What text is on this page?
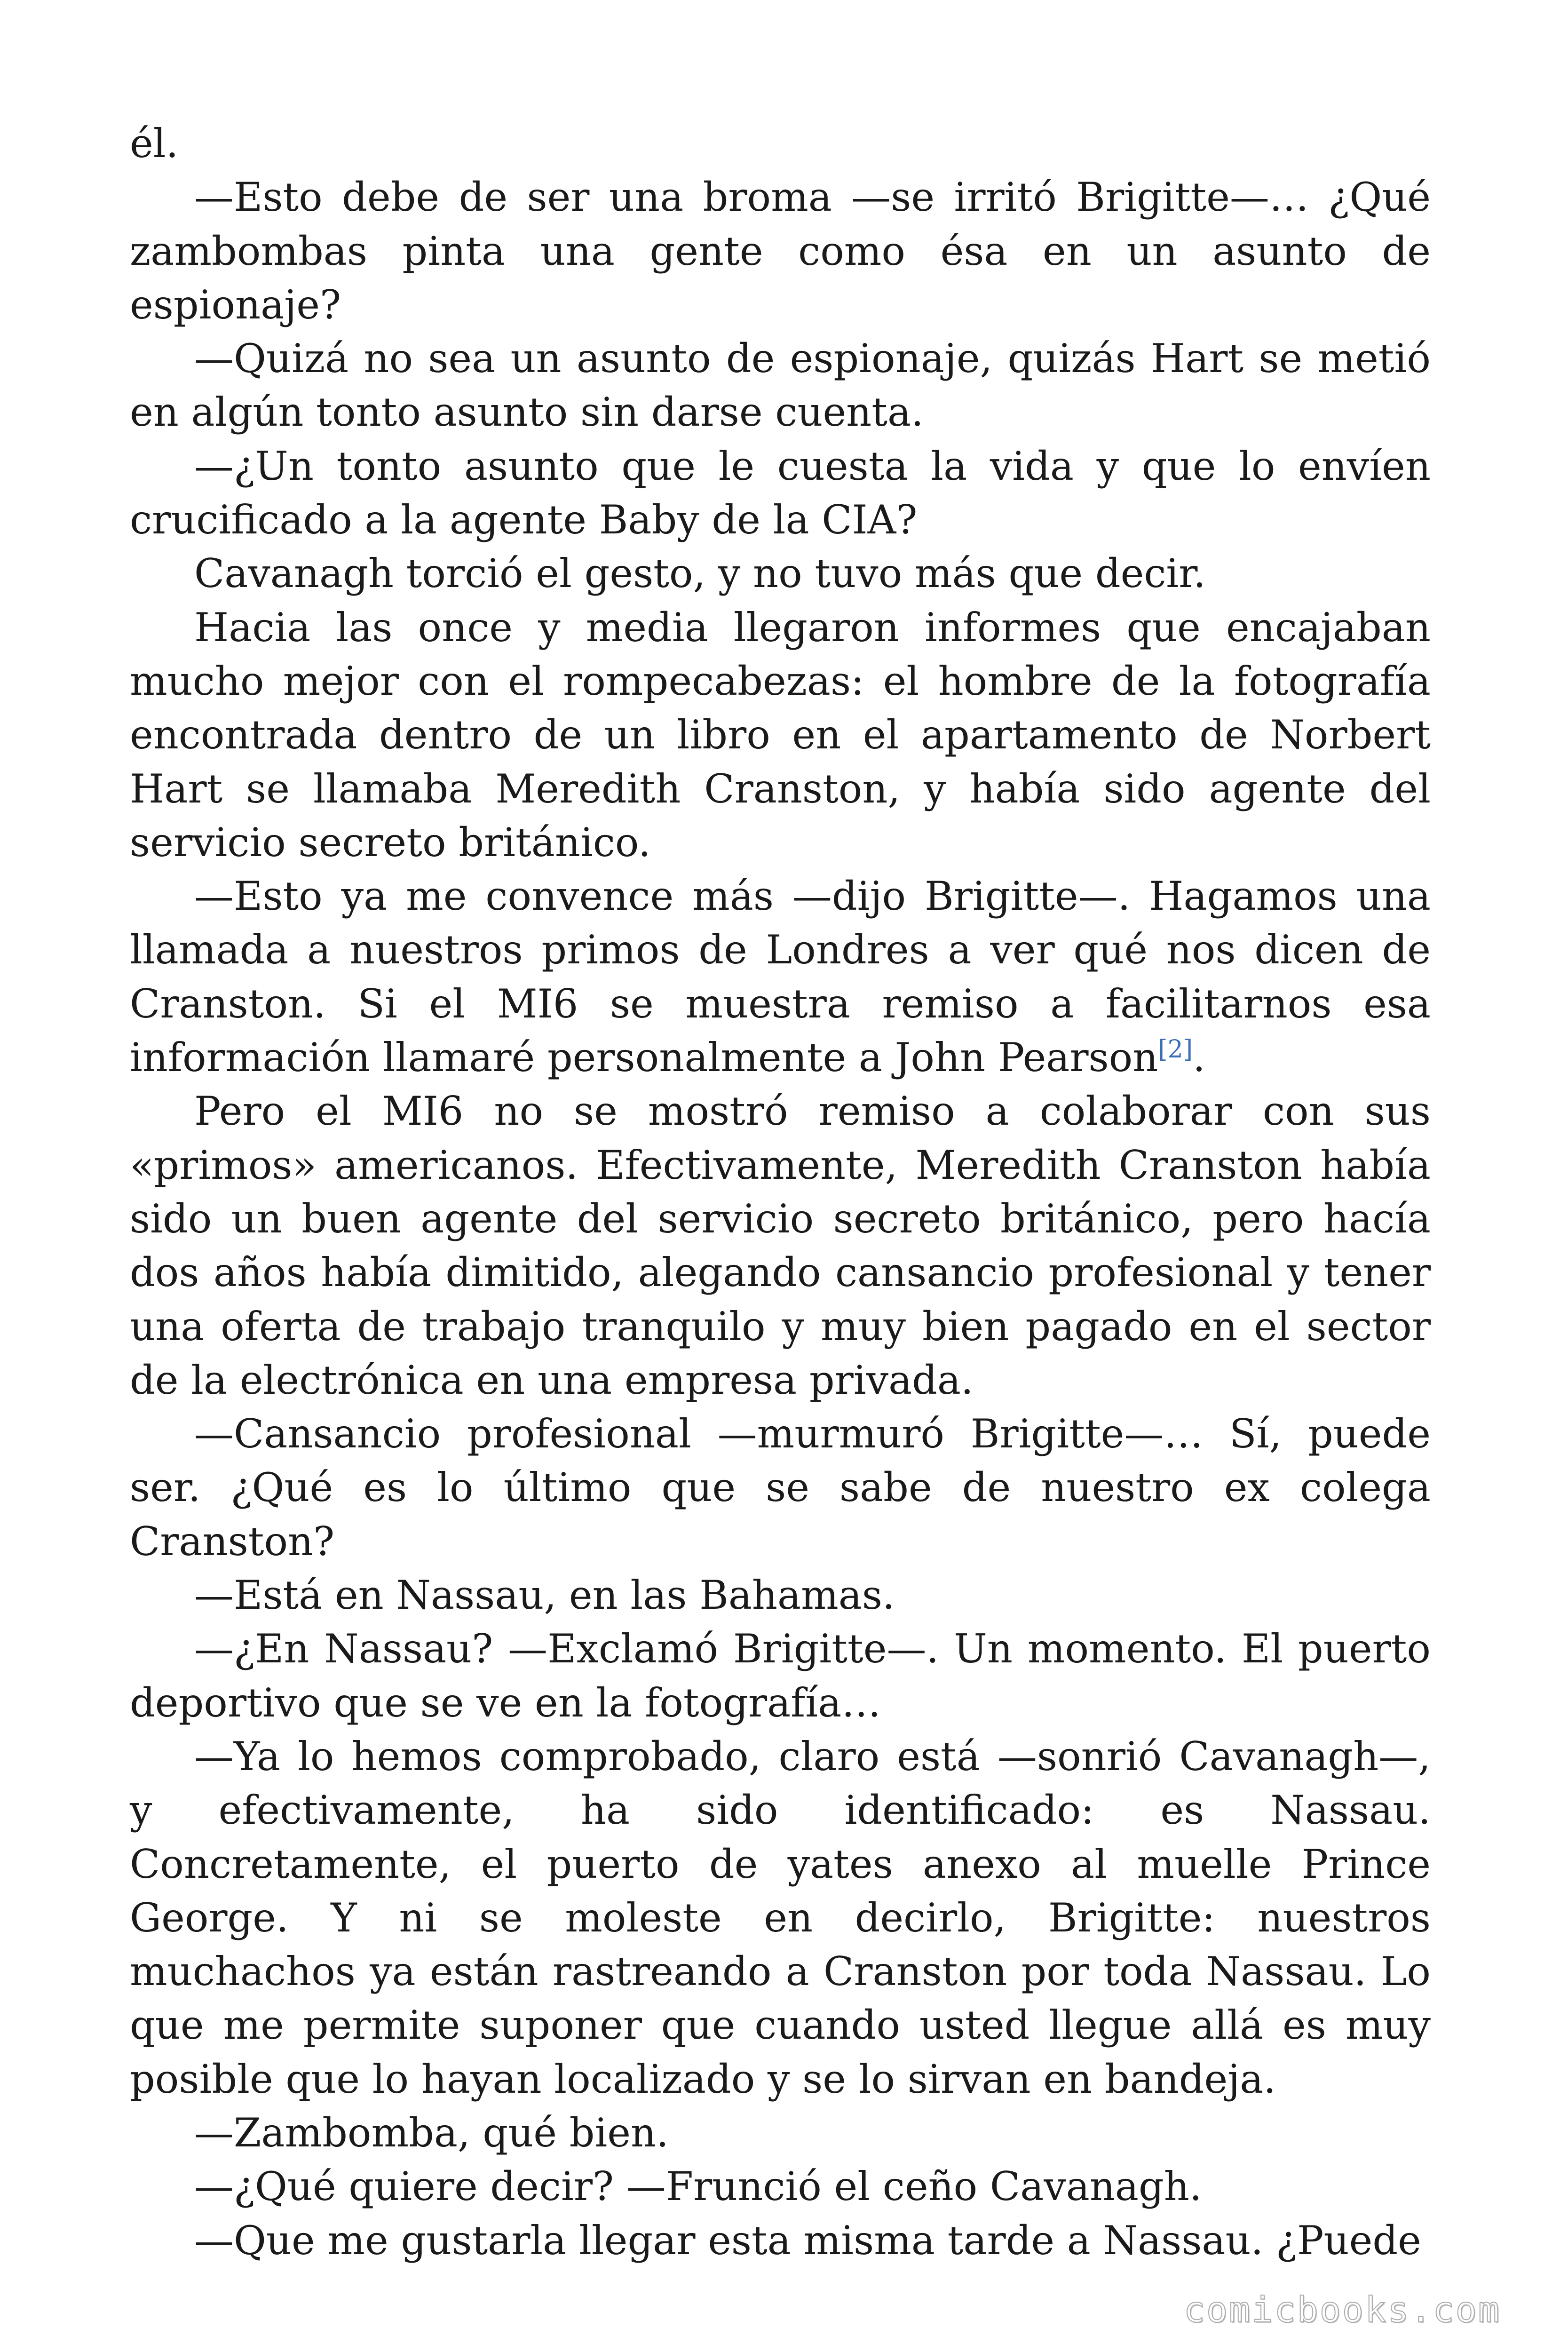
él.

—Esto debe de ser una broma —se irritó Brigitte—… ¿Qué zambombas pinta una gente como ésa en un asunto de espionaje?

—Quizá no sea un asunto de espionaje, quizás Hart se metió en algún tonto asunto sin darse cuenta.

—¿Un tonto asunto que le cuesta la vida y que lo envíen crucificado a la agente Baby de la CIA?

Cavanagh torció el gesto, y no tuvo más que decir.

Hacia las once y media llegaron informes que encajaban mucho mejor con el rompecabezas: el hombre de la fotografía encontrada dentro de un libro en el apartamento de Norbert Hart se llamaba Meredith Cranston, y había sido agente del servicio secreto británico.

—Esto ya me convence más —dijo Brigitte—. Hagamos una llamada a nuestros primos de Londres a ver qué nos dicen de Cranston. Si el MI6 se muestra remiso a facilitarnos esa información llamaré personalmente a John Pearson[2].

Pero el MI6 no se mostró remiso a colaborar con sus «primos» americanos. Efectivamente, Meredith Cranston había sido un buen agente del servicio secreto británico, pero hacía dos años había dimitido, alegando cansancio profesional y tener una oferta de trabajo tranquilo y muy bien pagado en el sector de la electrónica en una empresa privada.

—Cansancio profesional —murmuró Brigitte—… Sí, puede ser. ¿Qué es lo último que se sabe de nuestro ex colega Cranston?

—Está en Nassau, en las Bahamas.

—¿En Nassau? —Exclamó Brigitte—. Un momento. El puerto deportivo que se ve en la fotografía…

—Ya lo hemos comprobado, claro está —sonrió Cavanagh—, y efectivamente, ha sido identificado: es Nassau. Concretamente, el puerto de yates anexo al muelle Prince George. Y ni se moleste en decirlo, Brigitte: nuestros muchachos ya están rastreando a Cranston por toda Nassau. Lo que me permite suponer que cuando usted llegue allá es muy posible que lo hayan localizado y se lo sirvan en bandeja.

—Zambomba, qué bien.

—¿Qué quiere decir? —Frunció el ceño Cavanagh.

—Que me gustarla llegar esta misma tarde a Nassau. ¿Puede

comicbooks.com
